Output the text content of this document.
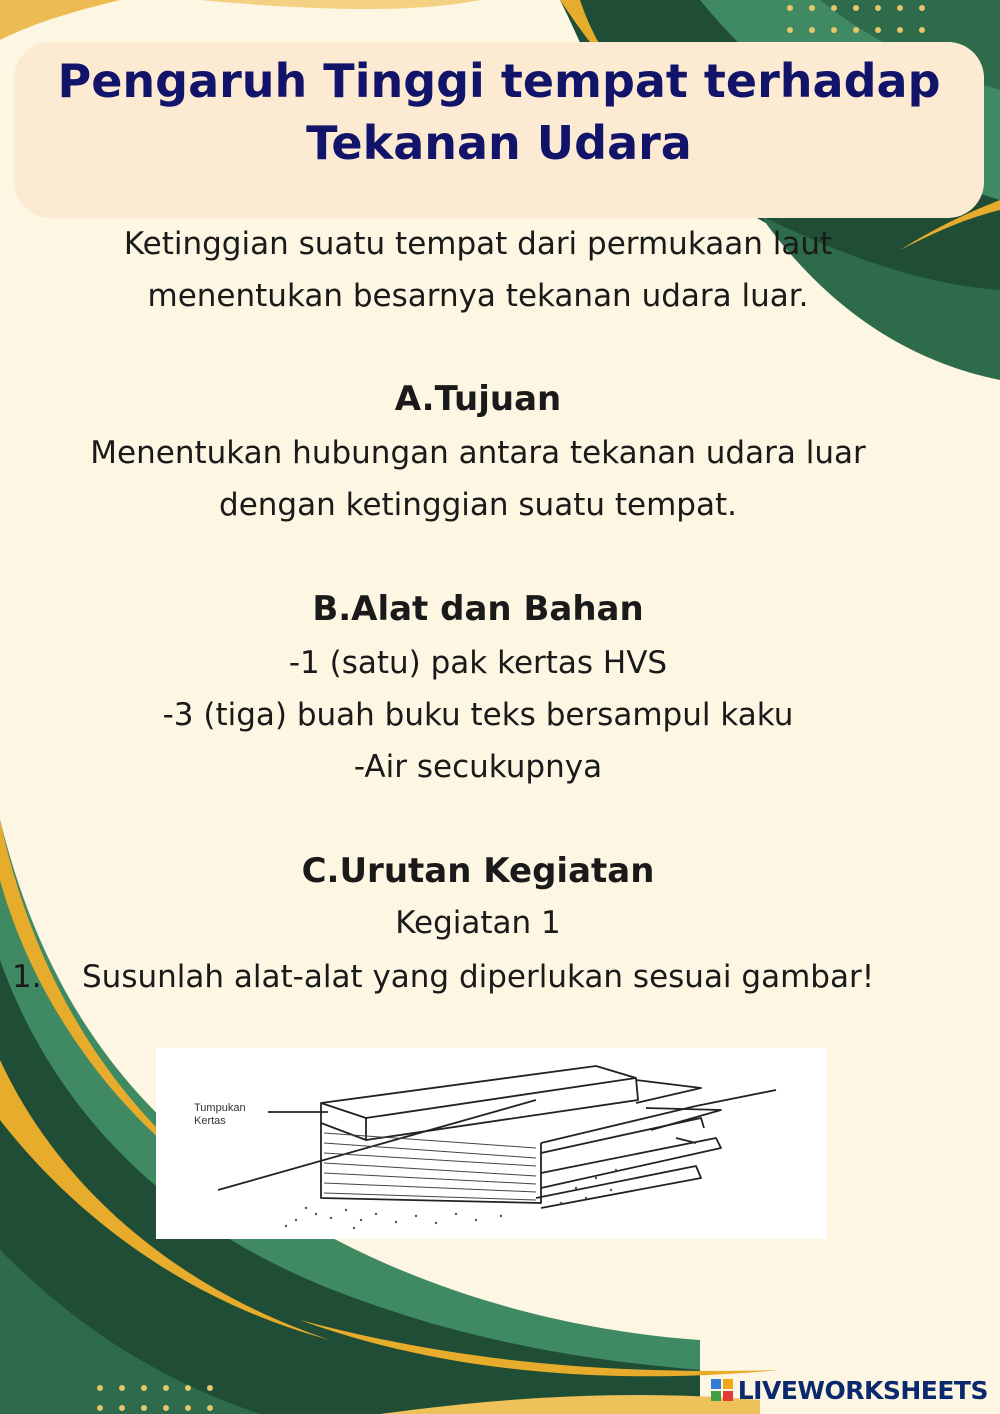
Pengaruh Tinggi tempat terhadap Tekanan Udara

Ketinggian suatu tempat dari permukaan laut

menentukan besarnya tekanan udara luar.

A.Tujuan

Menentukan hubungan antara tekanan udara luar

dengan ketinggian suatu tempat.

B.Alat dan Bahan

-1 (satu) pak kertas HVS

-3 (tiga) buah buku teks bersampul kaku

-Air secukupnya

C.Urutan Kegiatan

Kegiatan 1

1. Susunlah alat-alat yang diperlukan sesuai gambar!

Tumpukan
Kertas
LIVEWORKSHEETS
